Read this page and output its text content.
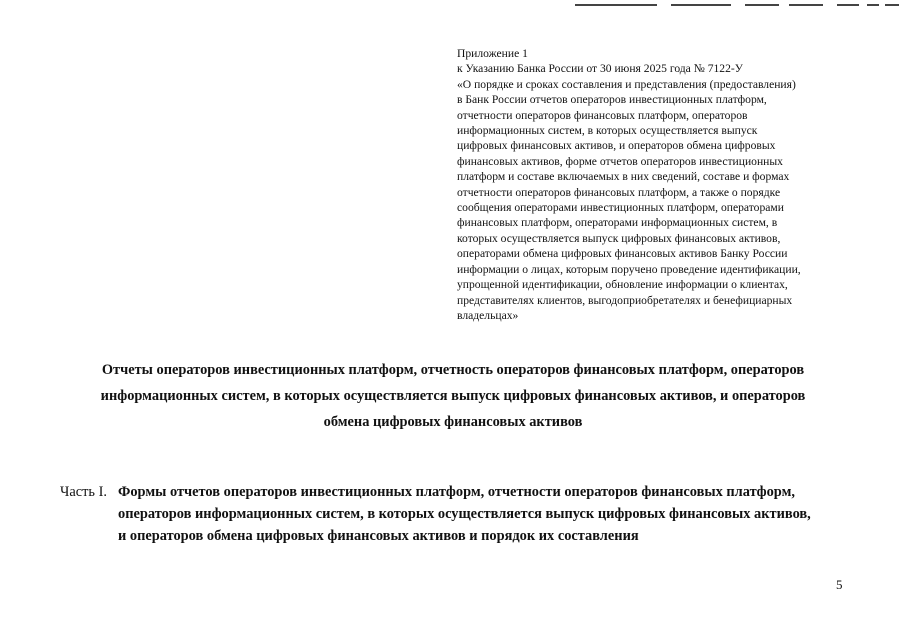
Приложение 1
к Указанию Банка России от 30 июня 2025 года № 7122-У
«О порядке и сроках составления и представления (предоставления)
в Банк России отчетов операторов инвестиционных платформ,
отчетности операторов финансовых платформ, операторов
информационных систем, в которых осуществляется выпуск
цифровых финансовых активов, и операторов обмена цифровых
финансовых активов, форме отчетов операторов инвестиционных
платформ и составе включаемых в них сведений, составе и формах
отчетности операторов финансовых платформ, а также о порядке
сообщения операторами инвестиционных платформ, операторами
финансовых платформ, операторами информационных систем, в
которых осуществляется выпуск цифровых финансовых активов,
операторами обмена цифровых финансовых активов Банку России
информации о лицах, которым поручено проведение идентификации,
упрощенной идентификации, обновление информации о клиентах,
представителях клиентов, выгодоприобретателях и бенефициарных
владельцах»
Отчеты операторов инвестиционных платформ, отчетность операторов финансовых платформ, операторов
информационных систем, в которых осуществляется выпуск цифровых финансовых активов, и операторов
обмена цифровых финансовых активов
Часть I. Формы отчетов операторов инвестиционных платформ, отчетности операторов финансовых платформ,
операторов информационных систем, в которых осуществляется выпуск цифровых финансовых активов,
и операторов обмена цифровых финансовых активов и порядок их составления
5
